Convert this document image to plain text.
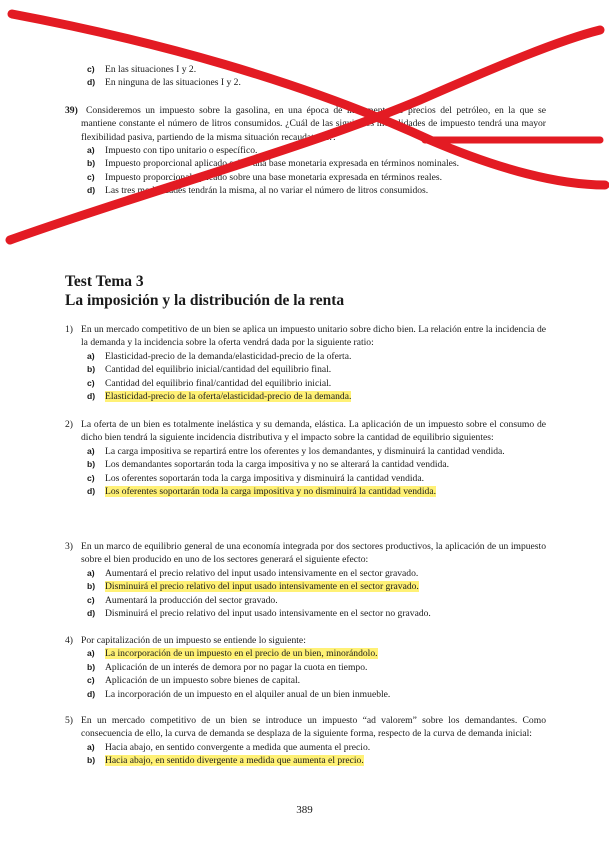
c) En las situaciones I y 2.
d) En ninguna de las situaciones I y 2.
39) Consideremos un impuesto sobre la gasolina, en una época de incremento de precios del petróleo, en la que se mantiene constante el número de litros consumidos. ¿Cuál de las siguientes modalidades de impuesto tendrá una mayor flexibilidad pasiva, partiendo de la misma situación recaudatoria?:
a) Impuesto con tipo unitario o específico.
b) Impuesto proporcional aplicado sobre una base monetaria expresada en términos nominales.
c) Impuesto proporcional aplicado sobre una base monetaria expresada en términos reales.
d) Las tres modalidades tendrán la misma, al no variar el número de litros consumidos.
Test Tema 3
La imposición y la distribución de la renta
1) En un mercado competitivo de un bien se aplica un impuesto unitario sobre dicho bien. La relación entre la incidencia de la demanda y la incidencia sobre la oferta vendrá dada por la siguiente ratio:
a) Elasticidad-precio de la demanda/elasticidad-precio de la oferta.
b) Cantidad del equilibrio inicial/cantidad del equilibrio final.
c) Cantidad del equilibrio final/cantidad del equilibrio inicial.
d) Elasticidad-precio de la oferta/elasticidad-precio de la demanda.
2) La oferta de un bien es totalmente inelástica y su demanda, elástica. La aplicación de un impuesto sobre el consumo de dicho bien tendrá la siguiente incidencia distributiva y el impacto sobre la cantidad de equilibrio siguientes:
a) La carga impositiva se repartirá entre los oferentes y los demandantes, y disminuirá la cantidad vendida.
b) Los demandantes soportarán toda la carga impositiva y no se alterará la cantidad vendida.
c) Los oferentes soportarán toda la carga impositiva y disminuirá la cantidad vendida.
d) Los oferentes soportarán toda la carga impositiva y no disminuirá la cantidad vendida.
3) En un marco de equilibrio general de una economía integrada por dos sectores productivos, la aplicación de un impuesto sobre el bien producido en uno de los sectores generará el siguiente efecto:
a) Aumentará el precio relativo del input usado intensivamente en el sector gravado.
b) Disminuirá el precio relativo del input usado intensivamente en el sector gravado.
c) Aumentará la producción del sector gravado.
d) Disminuirá el precio relativo del input usado intensivamente en el sector no gravado.
4) Por capitalización de un impuesto se entiende lo siguiente:
a) La incorporación de un impuesto en el precio de un bien, minorándolo.
b) Aplicación de un interés de demora por no pagar la cuota en tiempo.
c) Aplicación de un impuesto sobre bienes de capital.
d) La incorporación de un impuesto en el alquiler anual de un bien inmueble.
5) En un mercado competitivo de un bien se introduce un impuesto “ad valorem” sobre los demandantes. Como consecuencia de ello, la curva de demanda se desplaza de la siguiente forma, respecto de la curva de demanda inicial:
a) Hacia abajo, en sentido convergente a medida que aumenta el precio.
b) Hacia abajo, en sentido divergente a medida que aumenta el precio.
389
